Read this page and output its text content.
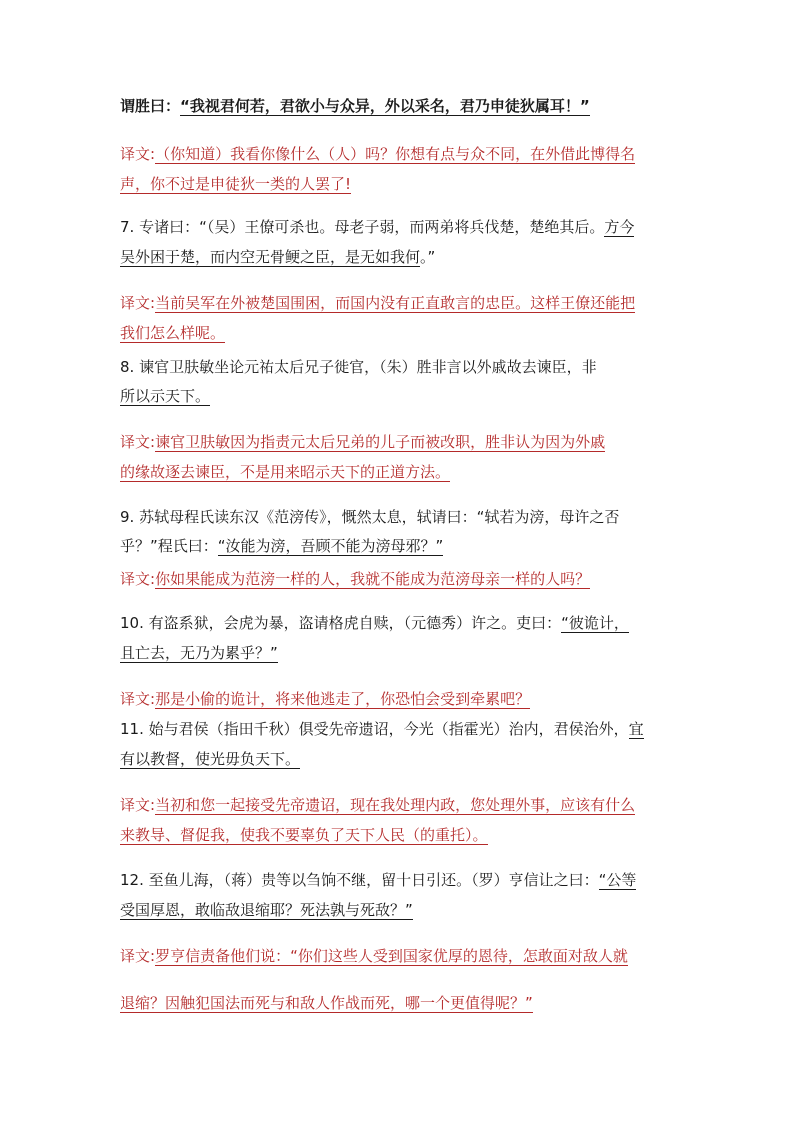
谓胜曰：“我视君何若，君欲小与众异，外以采名，君乃申徒狄属耳！”
译文:（你知道）我看你像什么（人）吗？你想有点与众不同，在外借此博得名
声，你不过是申徒狄一类的人罢了!
7. 专诸曰：“（吴）王僚可杀也。母老子弱，而两弟将兵伐楚，楚绝其后。方今
吴外困于楚，而内空无骨鲠之臣，是无如我何。”
译文:当前吴军在外被楚国围困，而国内没有正直敢言的忠臣。这样王僚还能把
我们怎么样呢。
8. 谏官卫肤敏坐论元祐太后兄子徙官，（朱）胜非言以外戚故去谏臣，非
所以示天下。
译文:谏官卫肤敏因为指责元太后兄弟的儿子而被改职，胜非认为因为外戚
的缘故逐去谏臣，不是用来昭示天下的正道方法。
9. 苏轼母程氏读东汉《范滂传》，慨然太息，轼请曰：“轼若为滂，母许之否
乎？”程氏曰：“汝能为滂，吾顾不能为滂母邪？”
译文:你如果能成为范滂一样的人，我就不能成为范滂母亲一样的人吗？
10. 有盗系狱，会虎为暴，盗请格虎自赎，（元德秀）许之。吏曰：“彼诡计，
且亡去，无乃为累乎？”
译文:那是小偷的诡计，将来他逃走了，你恐怕会受到牵累吧？
11. 始与君侯（指田千秋）俱受先帝遗诏，今光（指霍光）治内，君侯治外，宜
有以教督，使光毋负天下。
译文:当初和您一起接受先帝遗诏，现在我处理内政，您处理外事，应该有什么
来教导、督促我，使我不要辜负了天下人民（的重托）。
12. 至鱼儿海，（蒋）贵等以刍饷不继，留十日引还。（罗）亨信让之曰：“公等
受国厚恩，敢临敌退缩耶？死法孰与死敌？”
译文:罗亨信责备他们说：“你们这些人受到国家优厚的恩待，怎敢面对敌人就
退缩？因触犯国法而死与和敌人作战而死，哪一个更值得呢？”
